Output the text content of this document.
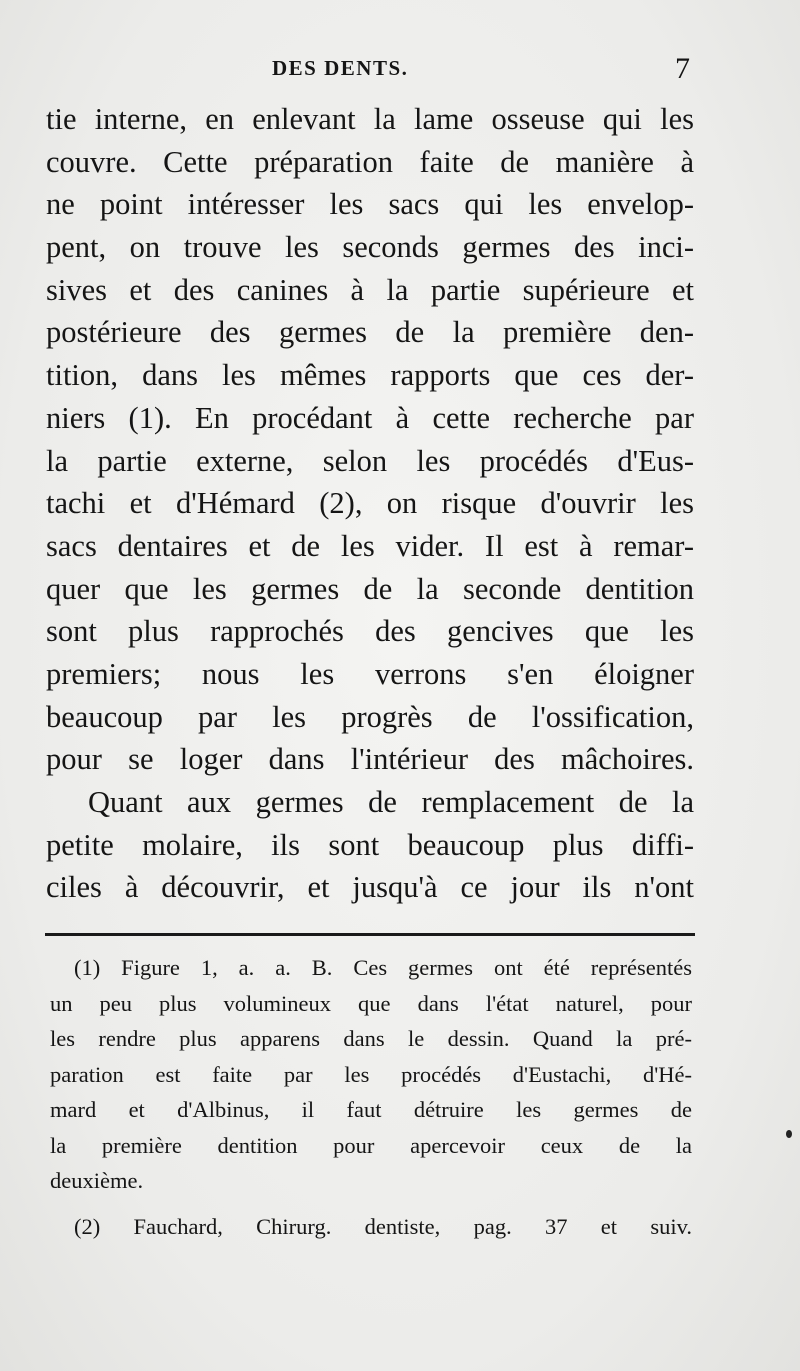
DES DENTS.	7
tie interne, en enlevant la lame osseuse qui les
couvre. Cette préparation faite de manière à
ne point intéresser les sacs qui les envelop-
pent, on trouve les seconds germes des inci-
sives et des canines à la partie supérieure et
postérieure des germes de la première den-
tition, dans les mêmes rapports que ces der-
niers (1). En procédant à cette recherche par
la partie externe, selon les procédés d'Eus-
tachi et d'Hémard (2), on risque d'ouvrir les
sacs dentaires et de les vider. Il est à remar-
quer que les germes de la seconde dentition
sont plus rapprochés des gencives que les
premiers; nous les verrons s'en éloigner
beaucoup par les progrès de l'ossification,
pour se loger dans l'intérieur des mâchoires.
Quant aux germes de remplacement de la
petite molaire, ils sont beaucoup plus diffi-
ciles à découvrir, et jusqu'à ce jour ils n'ont
(1) Figure 1, a. a. B. Ces germes ont été représentés
un peu plus volumineux que dans l'état naturel, pour
les rendre plus apparens dans le dessin. Quand la pré-
paration est faite par les procédés d'Eustachi, d'Hé-
mard et d'Albinus, il faut détruire les germes de
la première dentition pour apercevoir ceux de la
deuxième.
(2) Fauchard, Chirurg. dentiste, pag. 37 et suiv.
